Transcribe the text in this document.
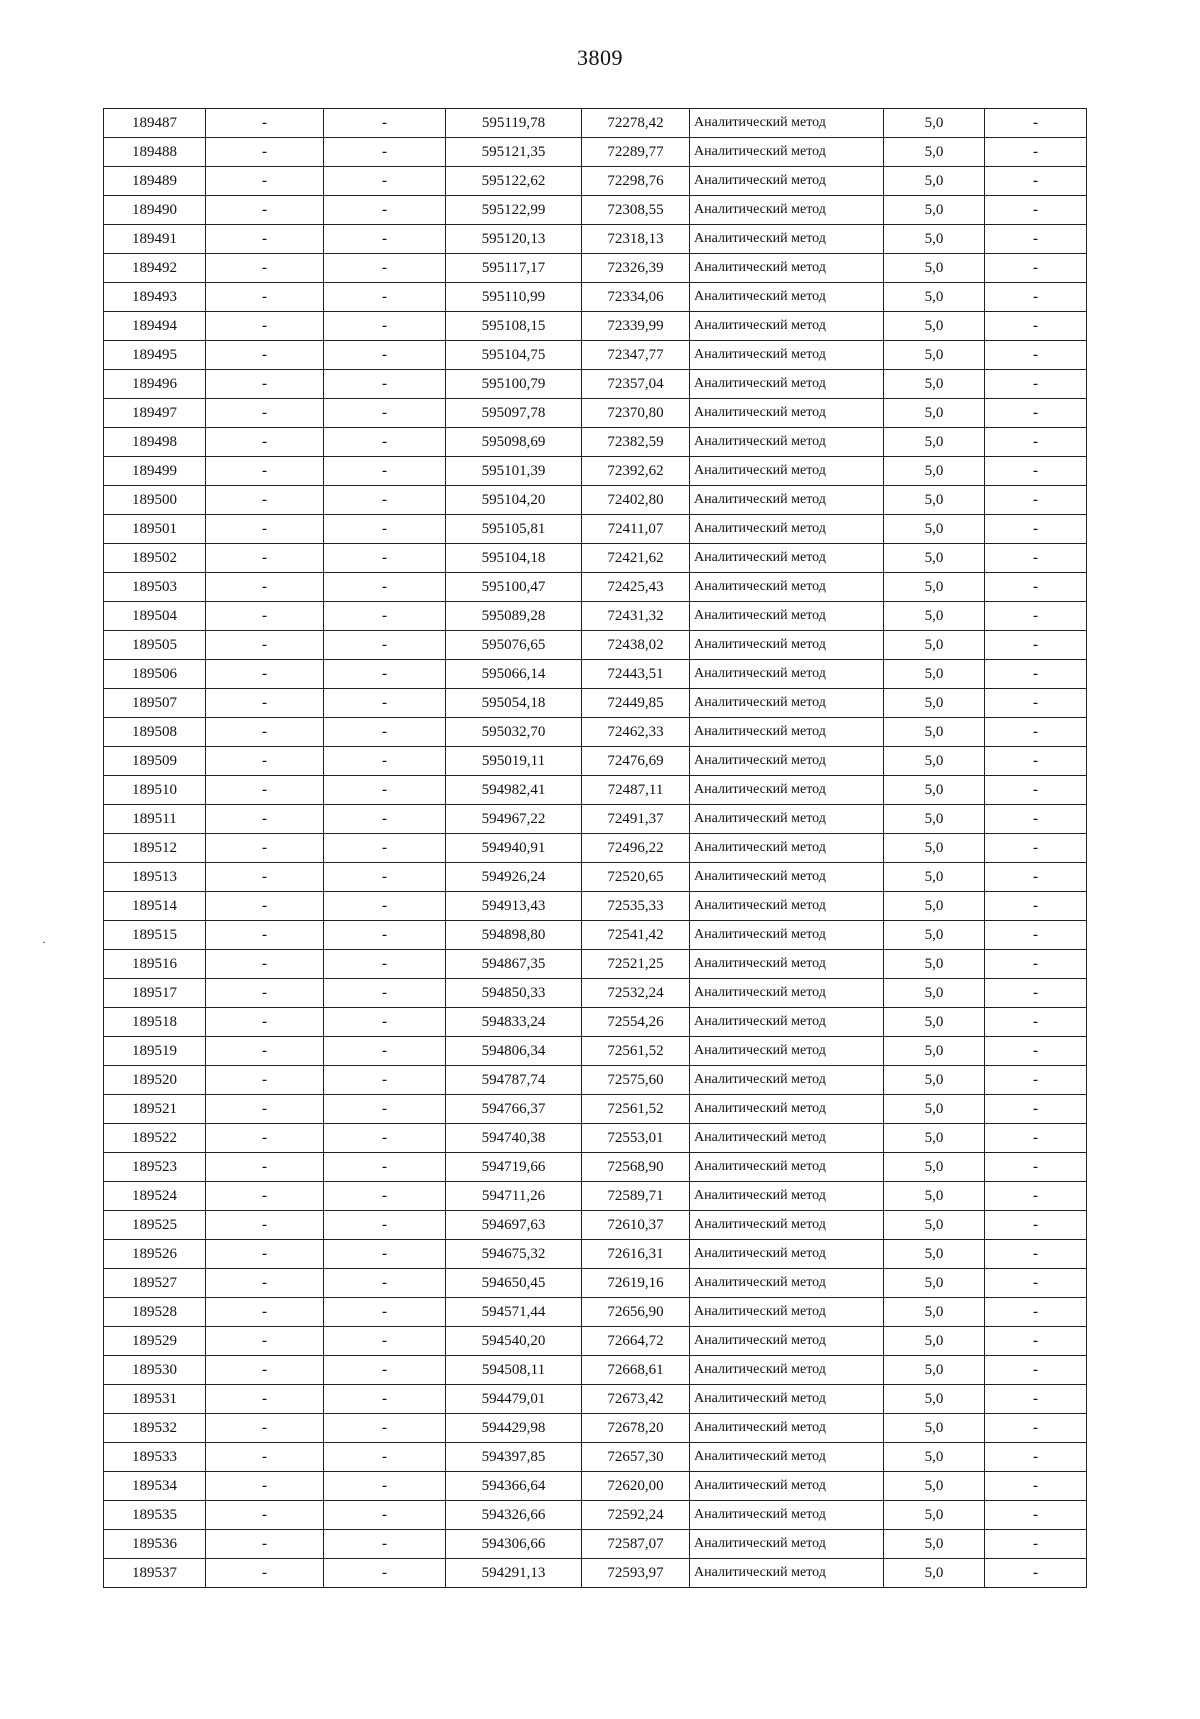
3809
·
189487	-	-	595119,78	72278,42	Аналитический метод	5,0	-
189488	-	-	595121,35	72289,77	Аналитический метод	5,0	-
189489	-	-	595122,62	72298,76	Аналитический метод	5,0	-
189490	-	-	595122,99	72308,55	Аналитический метод	5,0	-
189491	-	-	595120,13	72318,13	Аналитический метод	5,0	-
189492	-	-	595117,17	72326,39	Аналитический метод	5,0	-
189493	-	-	595110,99	72334,06	Аналитический метод	5,0	-
189494	-	-	595108,15	72339,99	Аналитический метод	5,0	-
189495	-	-	595104,75	72347,77	Аналитический метод	5,0	-
189496	-	-	595100,79	72357,04	Аналитический метод	5,0	-
189497	-	-	595097,78	72370,80	Аналитический метод	5,0	-
189498	-	-	595098,69	72382,59	Аналитический метод	5,0	-
189499	-	-	595101,39	72392,62	Аналитический метод	5,0	-
189500	-	-	595104,20	72402,80	Аналитический метод	5,0	-
189501	-	-	595105,81	72411,07	Аналитический метод	5,0	-
189502	-	-	595104,18	72421,62	Аналитический метод	5,0	-
189503	-	-	595100,47	72425,43	Аналитический метод	5,0	-
189504	-	-	595089,28	72431,32	Аналитический метод	5,0	-
189505	-	-	595076,65	72438,02	Аналитический метод	5,0	-
189506	-	-	595066,14	72443,51	Аналитический метод	5,0	-
189507	-	-	595054,18	72449,85	Аналитический метод	5,0	-
189508	-	-	595032,70	72462,33	Аналитический метод	5,0	-
189509	-	-	595019,11	72476,69	Аналитический метод	5,0	-
189510	-	-	594982,41	72487,11	Аналитический метод	5,0	-
189511	-	-	594967,22	72491,37	Аналитический метод	5,0	-
189512	-	-	594940,91	72496,22	Аналитический метод	5,0	-
189513	-	-	594926,24	72520,65	Аналитический метод	5,0	-
189514	-	-	594913,43	72535,33	Аналитический метод	5,0	-
189515	-	-	594898,80	72541,42	Аналитический метод	5,0	-
189516	-	-	594867,35	72521,25	Аналитический метод	5,0	-
189517	-	-	594850,33	72532,24	Аналитический метод	5,0	-
189518	-	-	594833,24	72554,26	Аналитический метод	5,0	-
189519	-	-	594806,34	72561,52	Аналитический метод	5,0	-
189520	-	-	594787,74	72575,60	Аналитический метод	5,0	-
189521	-	-	594766,37	72561,52	Аналитический метод	5,0	-
189522	-	-	594740,38	72553,01	Аналитический метод	5,0	-
189523	-	-	594719,66	72568,90	Аналитический метод	5,0	-
189524	-	-	594711,26	72589,71	Аналитический метод	5,0	-
189525	-	-	594697,63	72610,37	Аналитический метод	5,0	-
189526	-	-	594675,32	72616,31	Аналитический метод	5,0	-
189527	-	-	594650,45	72619,16	Аналитический метод	5,0	-
189528	-	-	594571,44	72656,90	Аналитический метод	5,0	-
189529	-	-	594540,20	72664,72	Аналитический метод	5,0	-
189530	-	-	594508,11	72668,61	Аналитический метод	5,0	-
189531	-	-	594479,01	72673,42	Аналитический метод	5,0	-
189532	-	-	594429,98	72678,20	Аналитический метод	5,0	-
189533	-	-	594397,85	72657,30	Аналитический метод	5,0	-
189534	-	-	594366,64	72620,00	Аналитический метод	5,0	-
189535	-	-	594326,66	72592,24	Аналитический метод	5,0	-
189536	-	-	594306,66	72587,07	Аналитический метод	5,0	-
189537	-	-	594291,13	72593,97	Аналитический метод	5,0	-
